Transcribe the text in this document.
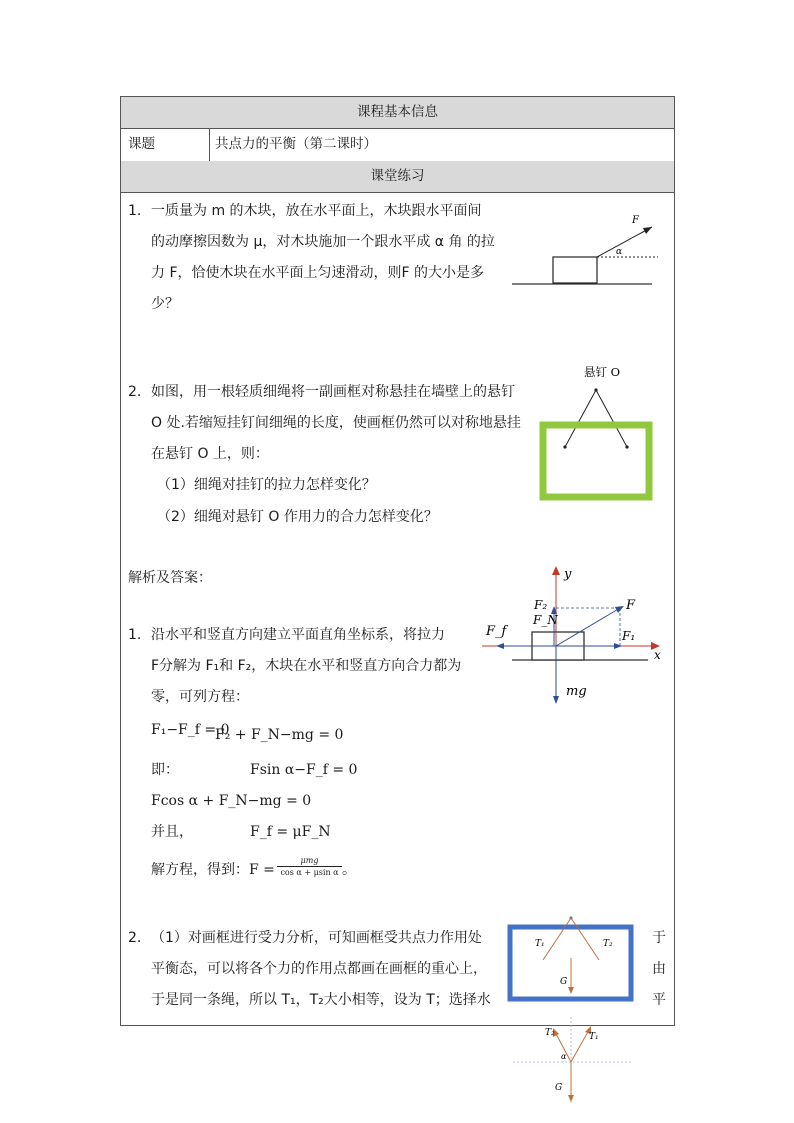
课程基本信息
课题	共点力的平衡（第二课时）
课堂练习
1. 一质量为 m 的木块，放在水平面上，木块跟水平面间
的动摩擦因数为 μ，对木块施加一个跟水平成 α 角 的拉
力 F，恰使木块在水平面上匀速滑动，则F 的大小是多
少？
F
α
2. 如图，用一根轻质细绳将一副画框对称悬挂在墙壁上的悬钉
O 处.若缩短挂钉间细绳的长度，使画框仍然可以对称地悬挂
在悬钉 O 上，则：
（1）细绳对挂钉的拉力怎样变化？
（2）细绳对悬钉 O 作用力的合力怎样变化？
悬钉 O
解析及答案：	y
x
F
F₁
F₂
F_N
F_f
mg
1. 沿水平和竖直方向建立平面直角坐标系，将拉力
F分解为 F₁和 F₂，木块在水平和竖直方向合力都为
零，可列方程：
F₁−F_f = 0
F₂ + F_N−mg = 0
即：	Fsin α−F_f = 0
Fcos α + F_N−mg = 0
并且，	F_f = μF_N
解方程，得到： F =
μmg
cos α + μsin α 。
2. （1）对画框进行受力分析，可知画框受共点力作用处
平衡态，可以将各个力的作用点都画在画框的重心上，
于是同一条绳，所以 T₁，T₂大小相等，设为 T；选择水
于
由
平
T₁	T₂
G
T₂	T₁
α
G
